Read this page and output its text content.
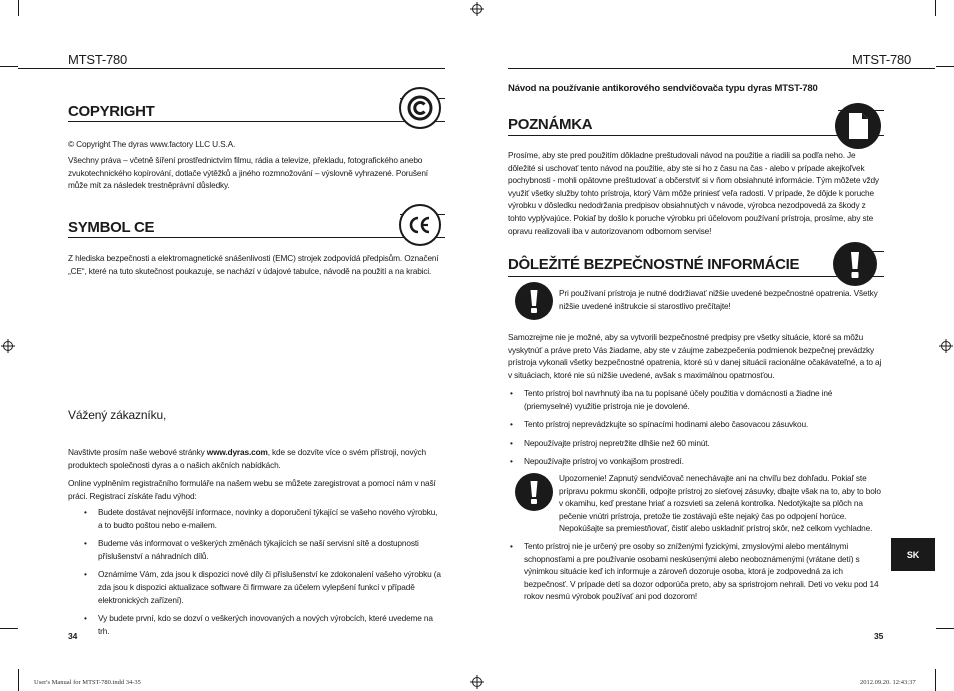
MTST-780
COPYRIGHT
© Copyright The dyras www.factory LLC U.S.A.
Všechny práva – včetně šíření prostřednictvím filmu, rádia a televize, překladu, fotografického anebo zvukotechnického kopírování, dotlače výtěžků a jiného rozmnožování – výslovně vyhrazené. Porušení může mít za následek trestněprávní důsledky.
SYMBOL CE
Z hlediska bezpečnosti a elektromagnetické snášenlivosti (EMC) strojek zodpovídá předpisům. Označení „CE“, které na tuto skutečnost poukazuje, se nachází v údajové tabulce, návodě na použití a na krabici.
Vážený zákazníku,
Navštivte prosím naše webové stránky www.dyras.com, kde se dozvíte více o svém přístroji, nových produktech společnosti dyras a o našich akčních nabídkách.
Online vyplněním registračního formuláře na našem webu se můžete zaregistrovat a pomocí nám v naší práci. Registrací získáte řadu výhod:
• Budete dostávat nejnovější informace, novinky a doporučení týkající se vašeho nového výrobku, a to budto poštou nebo e-mailem.
• Budeme vás informovat o veškerých změnách týkajících se naší servisní sítě a dostupnosti příslušenství a náhradních dílů.
• Oznámíme Vám, zda jsou k dispozici nové díly či příslušenství ke zdokonalení vašeho výrobku (a zda jsou k dispozici aktualizace software či firmware za účelem vylepšení funkcí v případě elektronických zařízení).
• Vy budete první, kdo se dozví o veškerých inovovaných a nových výrobcích, které uvedeme na trh.
34
User's Manual for MTST-780.indd 34-35
MTST-780
Návod na používanie antikorového sendvičovača typu dyras MTST-780
POZNÁMKA
Prosíme, aby ste pred použitím dôkladne preštudovali návod na použitie a riadili sa podľa neho. Je dôležité si uschovať tento návod na použitie, aby ste si ho z času na čas - alebo v prípade akejkoľvek pochybnosti - mohli opätovne preštudovať a občerstviť si v ňom obsiahnuté informácie. Tým môžete vždy využiť všetky služby tohto prístroja, ktorý Vám môže priniesť veľa radosti. V prípade, že dôjde k poruche výrobku v dôsledku nedodržania predpisov obsiahnutých v návode, výrobca nezodpovedá za škody z tohto vyplývajúce. Pokiaľ by došlo k poruche výrobku pri účelovom používaní prístroja, prosíme, aby ste opravu realizovali iba v autorizovanom odbornom servise!
DÔLEŽITÉ BEZPEČNOSTNÉ INFORMÁCIE
Pri používaní prístroja je nutné dodržiavať nižšie uvedené bezpečnostné opatrenia. Všetky nižšie uvedené inštrukcie si starostlivo prečítajte!
Samozrejme nie je možné, aby sa vytvorili bezpečnostné predpisy pre všetky situácie, ktoré sa môžu vyskytnúť a práve preto Vás žiadame, aby ste v záujme zabezpečenia podmienok bezpečnej prevádzky prístroja vykonali všetky bezpečnostné opatrenia, ktoré sú v danej situácii racionálne očakávateľné, a to aj v situáciach, ktoré nie sú nižšie uvedené, avšak s maximálnou opatrnosťou.
• Tento prístroj bol navrhnutý iba na tu popísané účely použitia v domácnosti a žiadne iné (priemyselné) využitie prístroja nie je dovolené.
• Tento prístroj neprevádzkujte so spínacími hodinami alebo časovacou zásuvkou.
• Nepoužívajte prístroj nepretržite dlhšie než 60 minút.
• Nepoužívajte prístroj vo vonkajšom prostredí.
Upozornenie! Zapnutý sendvičovač nenechávajte ani na chvíľu bez dohľadu. Pokiaľ ste prípravu pokrmu skončili, odpojte prístroj zo sieťovej zásuvky, dbajte však na to, aby to bolo v okamihu, keď prestane hriať a rozsvieti sa zelená kontrolka. Nedotýkajte sa plôch na pečenie vnútri prístroja, pretože tie zostávajú ešte nejaký čas po odpojení horúce. Nepokúšajte sa premiestňovať, čistiť alebo uskladniť prístroj skôr, než celkom vychladne.
• Tento prístroj nie je určený pre osoby so zníženými fyzickými, zmyslovými alebo mentálnymi schopnosťami a pre používanie osobami neskúsenými alebo neoboznámenými (vrátane detí) s výnimkou situácie keď ich informuje a zároveň dozoruje osoba, ktorá je zodpovedná za ich bezpečnosť. V prípade detí sa dozor odporúča preto, aby sa spristrojom nehrali. Deti vo veku pod 14 rokov nesmú výrobok používať ani pod dozorom!
SK
35
2012.09.20. 12:43:37
